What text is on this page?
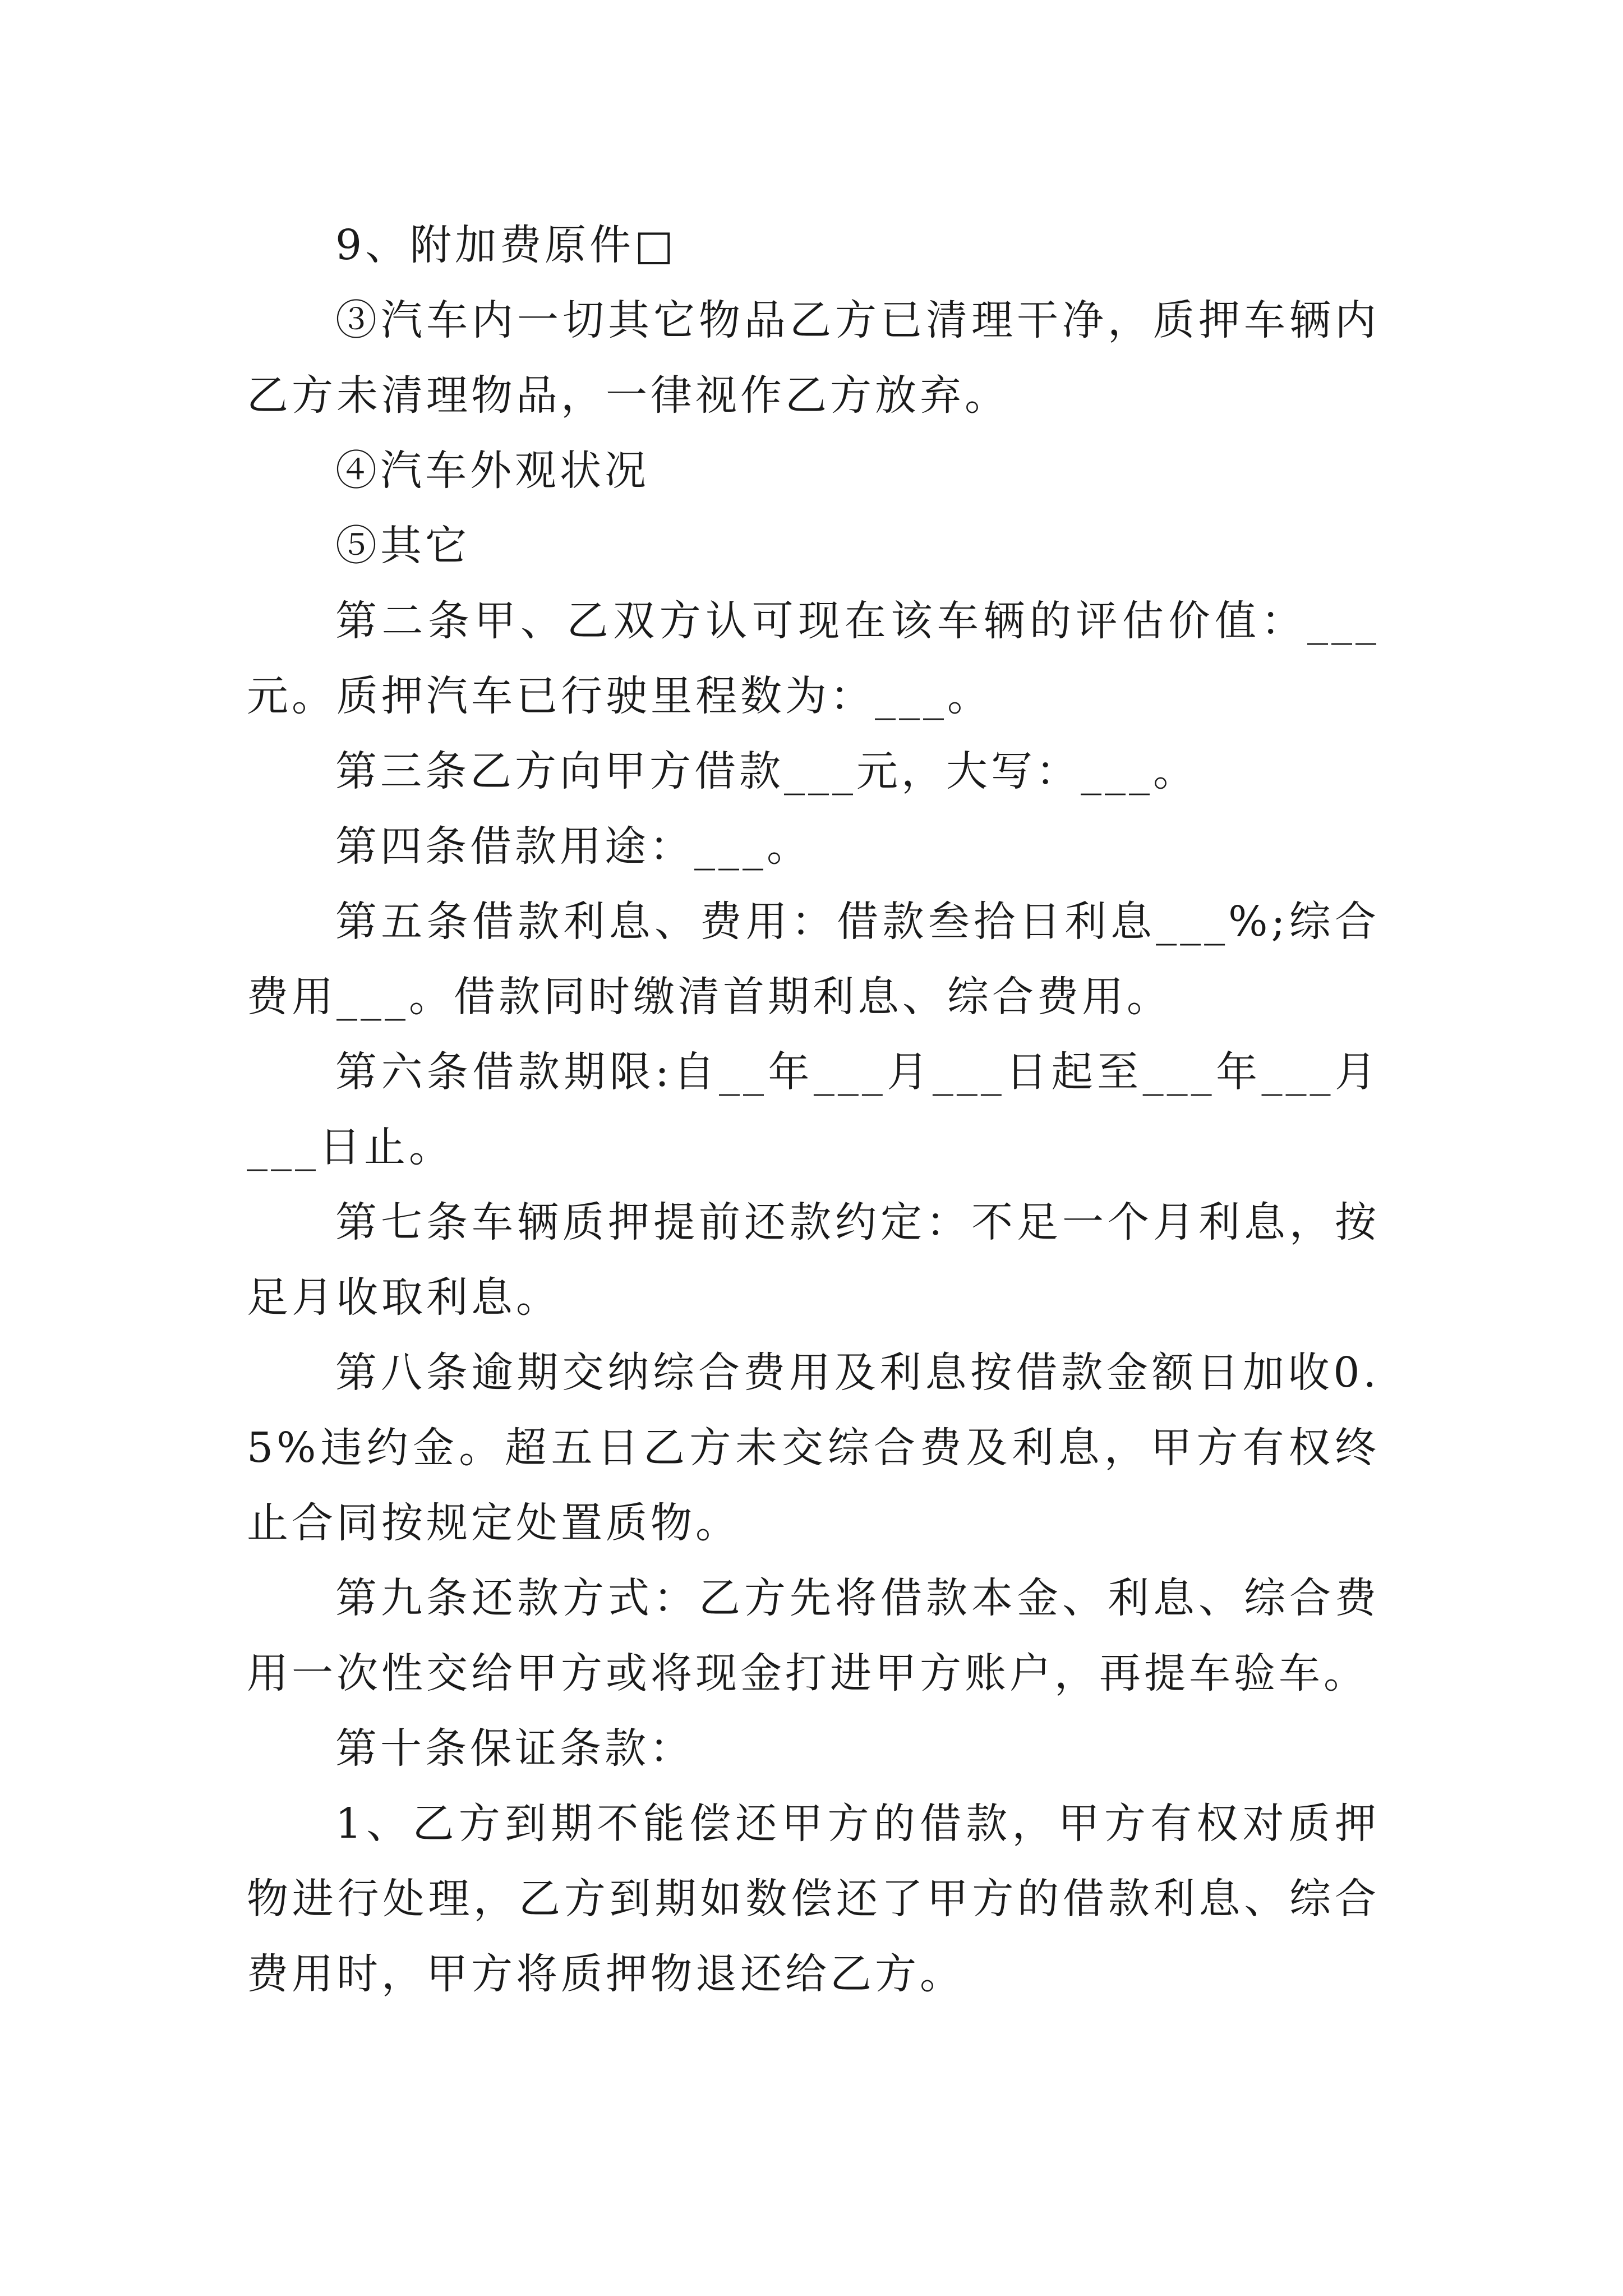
9、附加费原件□

③汽车内一切其它物品乙方已清理干净，质押车辆内乙方未清理物品，一律视作乙方放弃。

④汽车外观状况

⑤其它

第二条甲、乙双方认可现在该车辆的评估价值：___元。质押汽车已行驶里程数为：___。

第三条乙方向甲方借款___元，大写：___。

第四条借款用途：___。

第五条借款利息、费用：借款叁拾日利息___%;综合费用___。借款同时缴清首期利息、综合费用。

第六条借款期限:自__年___月___日起至___年___月___日止。

第七条车辆质押提前还款约定：不足一个月利息，按足月收取利息。

第八条逾期交纳综合费用及利息按借款金额日加收0.5%违约金。超五日乙方未交综合费及利息，甲方有权终止合同按规定处置质物。

第九条还款方式：乙方先将借款本金、利息、综合费用一次性交给甲方或将现金打进甲方账户，再提车验车。

第十条保证条款：

1、乙方到期不能偿还甲方的借款，甲方有权对质押物进行处理，乙方到期如数偿还了甲方的借款利息、综合费用时，甲方将质押物退还给乙方。
